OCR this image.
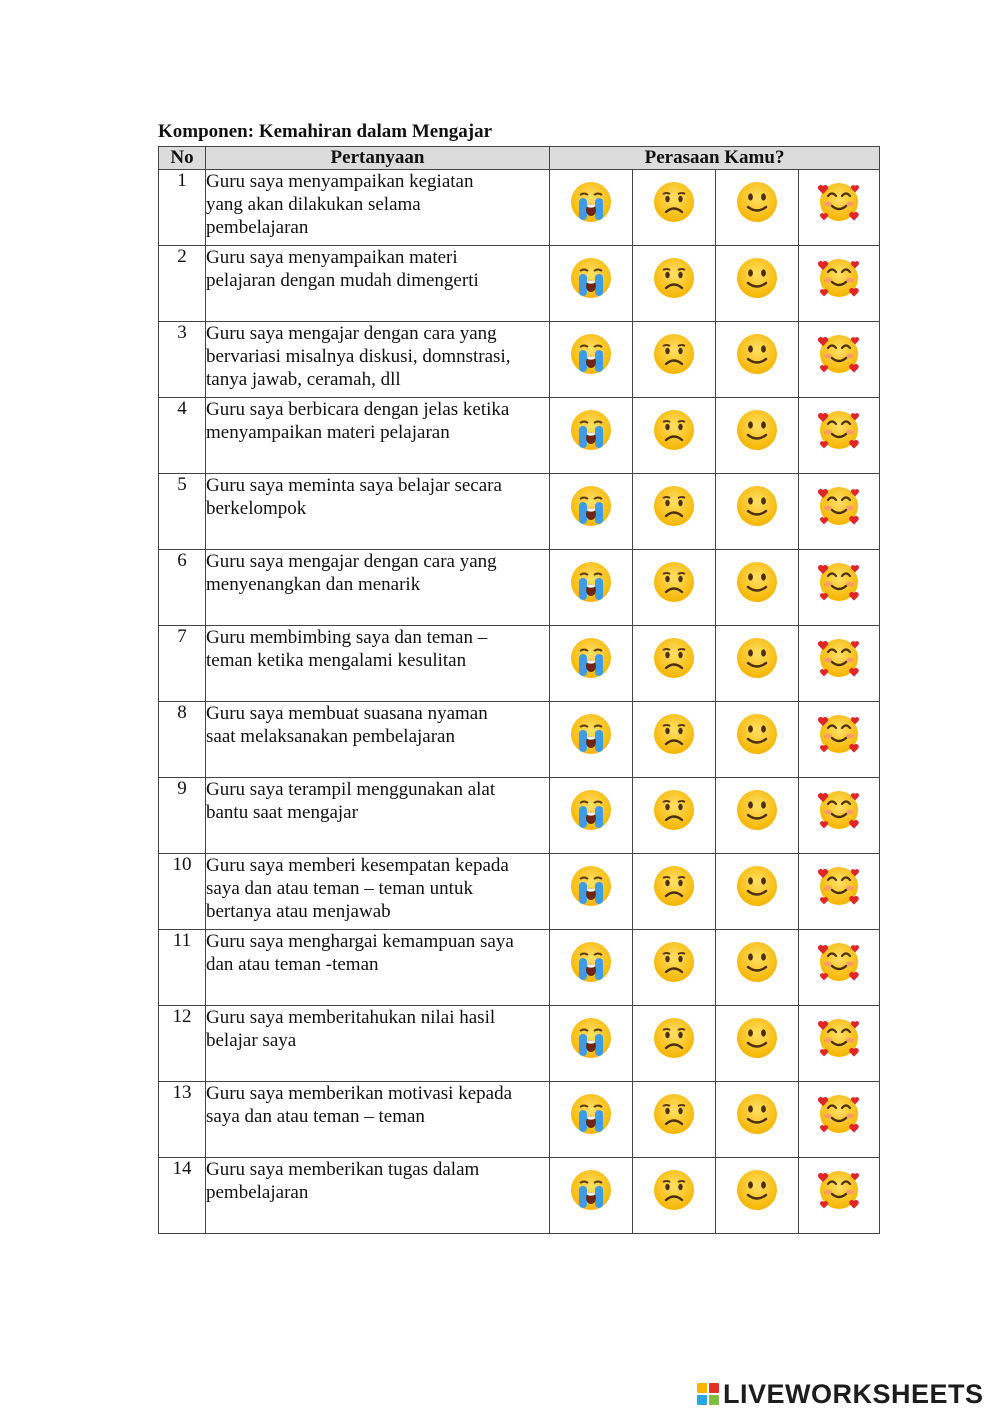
Komponen: Kemahiran dalam Mengajar
No	Pertanyaan	Perasaan Kamu?			
1	Guru saya menyampaikan kegiatan
yang akan dilakukan selama
pembelajaran

2	Guru saya menyampaikan materi
pelajaran dengan mudah dimengerti

3	Guru saya mengajar dengan cara yang
bervariasi misalnya diskusi, domnstrasi,
tanya jawab, ceramah, dll

4	Guru saya berbicara dengan jelas ketika
menyampaikan materi pelajaran

5	Guru saya meminta saya belajar secara
berkelompok

6	Guru saya mengajar dengan cara yang
menyenangkan dan menarik

7	Guru membimbing saya dan teman –
teman ketika mengalami kesulitan

8	Guru saya membuat suasana nyaman
saat melaksanakan pembelajaran

9	Guru saya terampil menggunakan alat
bantu saat mengajar

10	Guru saya memberi kesempatan kepada
saya dan atau teman – teman untuk
bertanya atau menjawab

11	Guru saya menghargai kemampuan saya
dan atau teman -teman

12	Guru saya memberitahukan nilai hasil
belajar saya

13	Guru saya memberikan motivasi kepada
saya dan atau teman – teman

14	Guru saya memberikan tugas dalam
pembelajaran

LIVEWORKSHEETS
